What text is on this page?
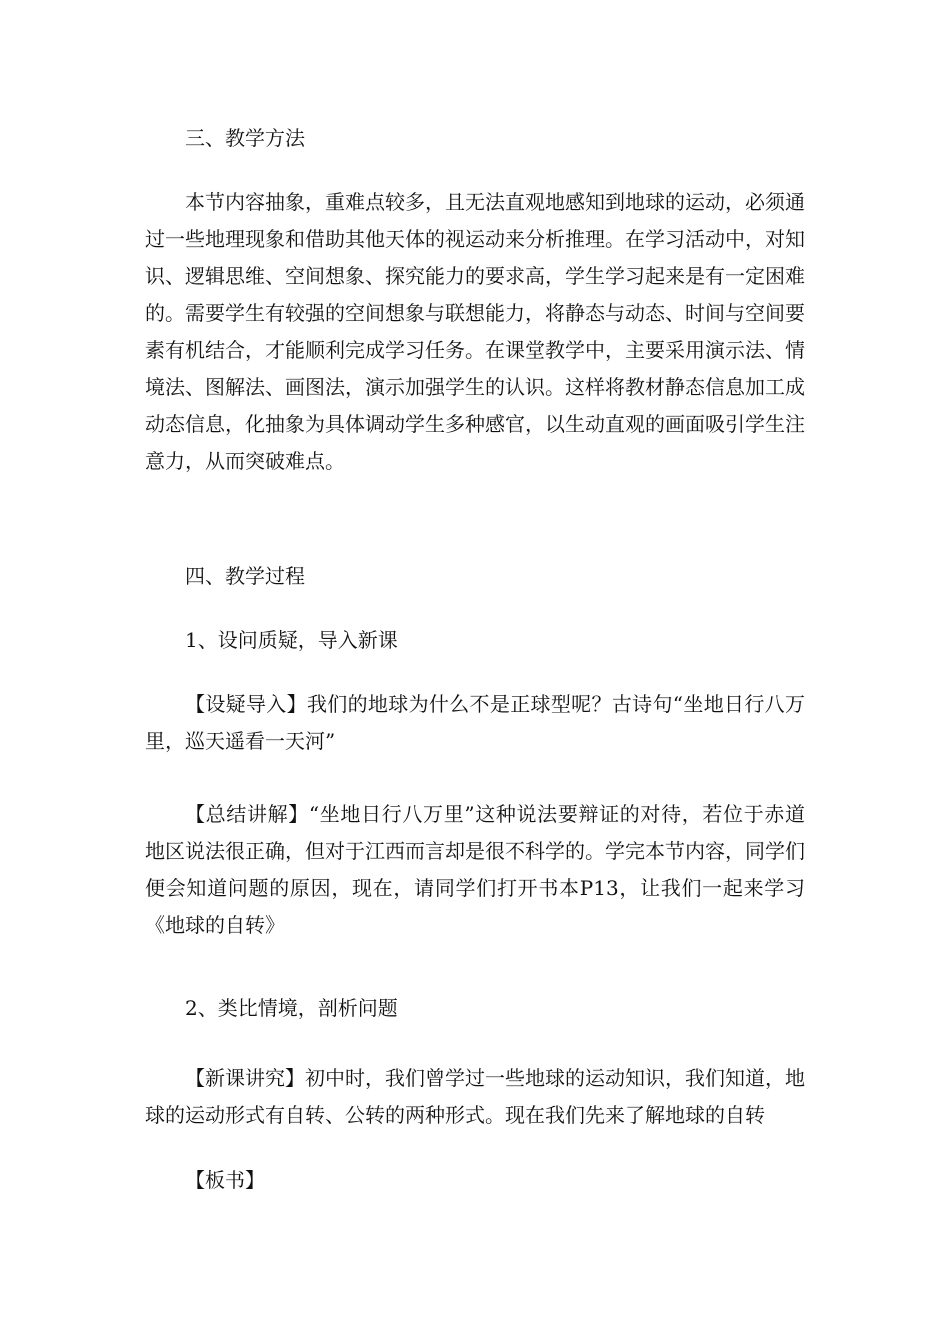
三、教学方法
本节内容抽象，重难点较多，且无法直观地感知到地球的运动，必须通过一些地理现象和借助其他天体的视运动来分析推理。在学习活动中，对知识、逻辑思维、空间想象、探究能力的要求高，学生学习起来是有一定困难的。需要学生有较强的空间想象与联想能力，将静态与动态、时间与空间要素有机结合，才能顺利完成学习任务。在课堂教学中，主要采用演示法、情境法、图解法、画图法，演示加强学生的认识。这样将教材静态信息加工成动态信息，化抽象为具体调动学生多种感官，以生动直观的画面吸引学生注意力，从而突破难点。
四、教学过程
1、设问质疑，导入新课
【设疑导入】我们的地球为什么不是正球型呢？古诗句“坐地日行八万里，巡天遥看一天河”
【总结讲解】“坐地日行八万里”这种说法要辩证的对待，若位于赤道地区说法很正确，但对于江西而言却是很不科学的。学完本节内容，同学们便会知道问题的原因，现在，请同学们打开书本P13，让我们一起来学习《地球的自转》
2、类比情境，剖析问题
【新课讲究】初中时，我们曾学过一些地球的运动知识，我们知道，地球的运动形式有自转、公转的两种形式。现在我们先来了解地球的自转
【板书】
